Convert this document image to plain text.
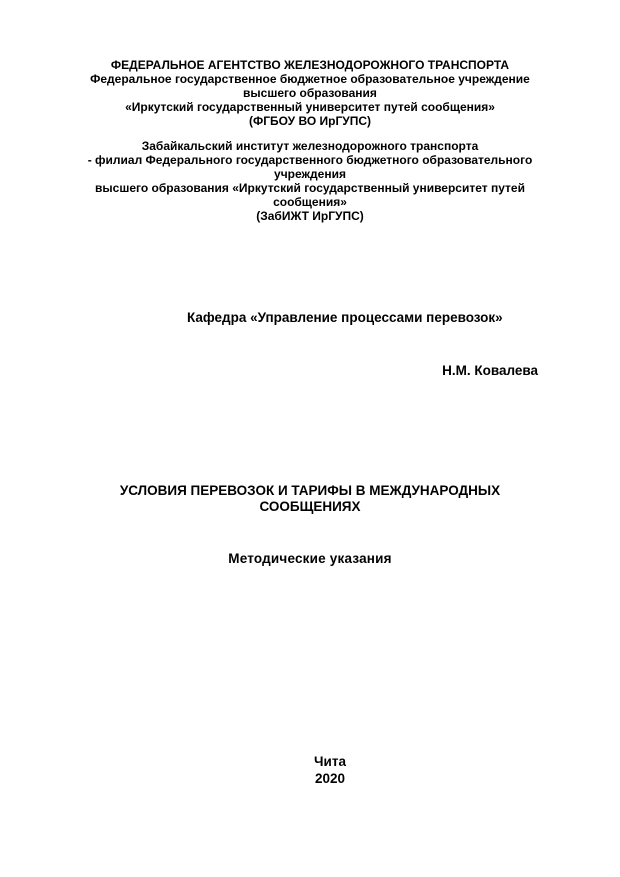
ФЕДЕРАЛЬНОЕ АГЕНТСТВО ЖЕЛЕЗНОДОРОЖНОГО ТРАНСПОРТА
Федеральное государственное бюджетное образовательное учреждение
высшего образования
«Иркутский государственный университет путей сообщения»
(ФГБОУ ВО ИрГУПС)
Забайкальский институт железнодорожного транспорта
- филиал Федерального государственного бюджетного образовательного
учреждения
высшего образования «Иркутский государственный университет путей
сообщения»
(ЗабИЖТ ИрГУПС)
Кафедра «Управление процессами перевозок»
Н.М. Ковалева
УСЛОВИЯ ПЕРЕВОЗОК И ТАРИФЫ В МЕЖДУНАРОДНЫХ
СООБЩЕНИЯХ
Методические указания
Чита
2020
